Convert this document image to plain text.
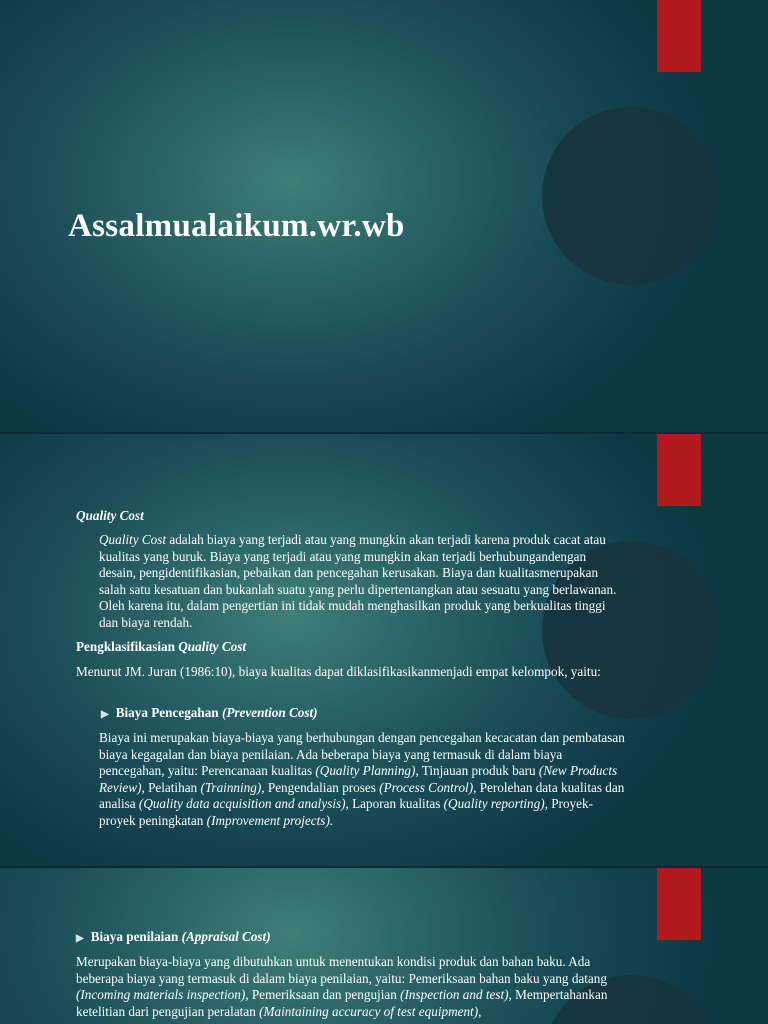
Assalmualaikum.wr.wb

Quality Cost

Quality Cost adalah biaya yang terjadi atau yang mungkin akan terjadi karena produk cacat atau kualitas yang buruk. Biaya yang terjadi atau yang mungkin akan terjadi berhubungandengan desain, pengidentifikasian, pebaikan dan pencegahan kerusakan. Biaya dan kualitasmerupakan salah satu kesatuan dan bukanlah suatu yang perlu dipertentangkan atau sesuatu yang berlawanan. Oleh karena itu, dalam pengertian ini tidak mudah menghasilkan produk yang berkualitas tinggi dan biaya rendah.

Pengklasifikasian Quality Cost

Menurut JM. Juran (1986:10), biaya kualitas dapat diklasifikasikanmenjadi empat kelompok, yaitu:

▶ Biaya Pencegahan (Prevention Cost)

Biaya ini merupakan biaya-biaya yang berhubungan dengan pencegahan kecacatan dan pembatasan biaya kegagalan dan biaya penilaian. Ada beberapa biaya yang termasuk di dalam biaya pencegahan, yaitu: Perencanaan kualitas (Quality Planning), Tinjauan produk baru (New Products Review), Pelatihan (Trainning), Pengendalian proses (Process Control), Perolehan data kualitas dan analisa (Quality data acquisition and analysis), Laporan kualitas (Quality reporting), Proyek-proyek peningkatan (Improvement projects).

▶ Biaya penilaian (Appraisal Cost)

Merupakan biaya-biaya yang dibutuhkan untuk menentukan kondisi produk dan bahan baku. Ada beberapa biaya yang termasuk di dalam biaya penilaian, yaitu: Pemeriksaan bahan baku yang datang (Incoming materials inspection), Pemeriksaan dan pengujian (Inspection and test), Mempertahankan ketelitian dari pengujian peralatan (Maintaining accuracy of test equipment),
